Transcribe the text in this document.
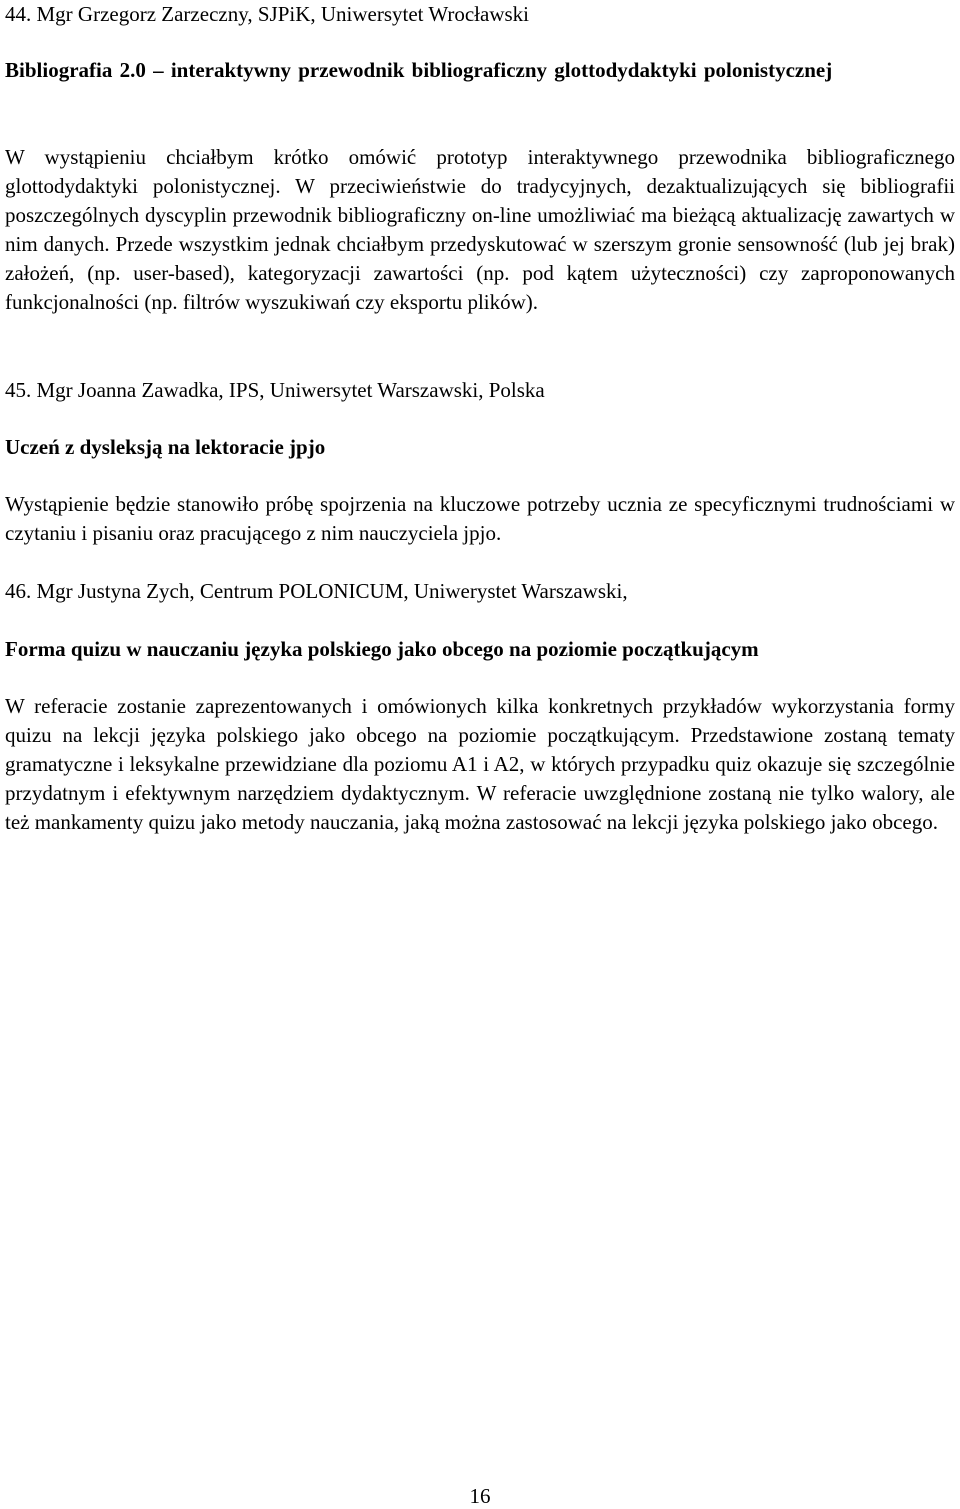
44. Mgr Grzegorz Zarzeczny, SJPiK, Uniwersytet Wrocławski

Bibliografia 2.0 – interaktywny przewodnik bibliograficzny glottodydaktyki polonistycznej

W wystąpieniu chciałbym krótko omówić prototyp interaktywnego przewodnika bibliograficznego glottodydaktyki polonistycznej. W przeciwieństwie do tradycyjnych, dezaktualizujących się bibliografii poszczególnych dyscyplin przewodnik bibliograficzny on-line umożliwiać ma bieżącą aktualizację zawartych w nim danych. Przede wszystkim jednak chciałbym przedyskutować w szerszym gronie sensowność (lub jej brak) założeń, (np. user-based), kategoryzacji zawartości (np. pod kątem użyteczności) czy zaproponowanych funkcjonalności (np. filtrów wyszukiwań czy eksportu plików).

45. Mgr Joanna Zawadka, IPS, Uniwersytet Warszawski, Polska

Uczeń z dysleksją na lektoracie jpjo

Wystąpienie będzie stanowiło próbę spojrzenia na kluczowe potrzeby ucznia ze specyficznymi trudnościami w czytaniu i pisaniu oraz pracującego z nim nauczyciela jpjo.

46. Mgr Justyna Zych, Centrum POLONICUM, Uniwerystet Warszawski,

Forma quizu w nauczaniu języka polskiego jako obcego na poziomie początkującym

W referacie zostanie zaprezentowanych i omówionych kilka konkretnych przykładów wykorzystania formy quizu na lekcji języka polskiego jako obcego na poziomie początkującym. Przedstawione zostaną tematy gramatyczne i leksykalne przewidziane dla poziomu A1 i A2, w których przypadku quiz okazuje się szczególnie przydatnym i efektywnym narzędziem dydaktycznym. W referacie uwzględnione zostaną nie tylko walory, ale też mankamenty quizu jako metody nauczania, jaką można zastosować na lekcji języka polskiego jako obcego.

16
